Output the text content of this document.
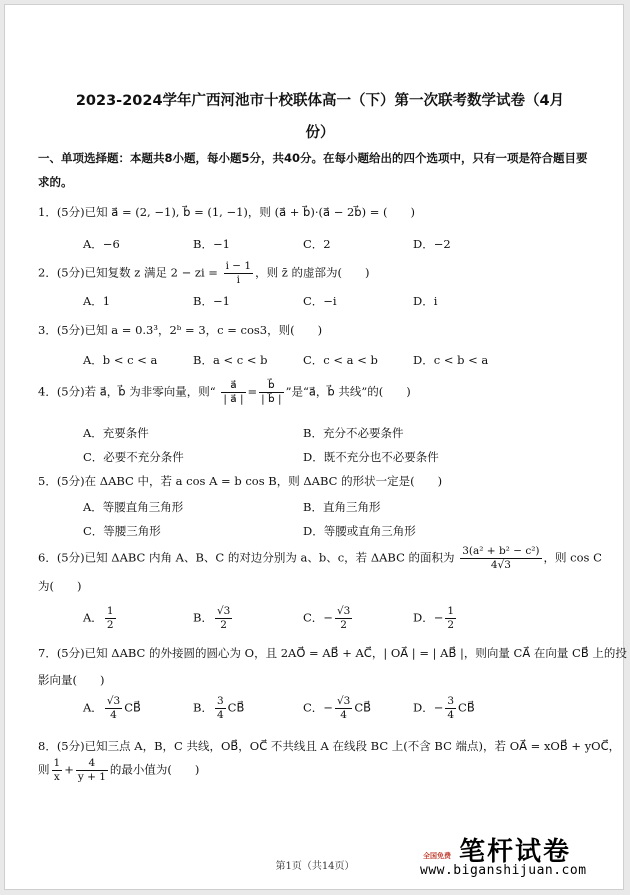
2023-2024学年广西河池市十校联体高一（下）第一次联考数学试卷（4月
份）
一、单项选择题：本题共8小题，每小题5分，共40分。在每小题给出的四个选项中，只有一项是符合题目要求的。
1．(5分)已知 a⃗ = (2, −1), b⃗ = (1, −1)，则 (a⃗ + b⃗)·(a⃗ − 2b⃗) = (　　)
A．−6	B．−1	C．2	D．−2
2．(5分)已知复数 z 满足 2 − zi = $\frac{i - 1}{i}$ ，则 z̄ 的虚部为(　　)
A．1	B．−1	C．−i	D．i
3．(5分)已知 a = 0.3³，2ᵇ = 3，c = cos3，则(　　)
A．b < c < a	B．a < c < b	C．c < a < b	D．c < b < a
4．(5分)若 a⃗，b⃗ 为非零向量，则“ $\frac{a⃗}{| a⃗ |} = \frac{b⃗}{| b⃗ |}$ ”是“a⃗，b⃗ 共线”的(　　)
A．充要条件	B．充分不必要条件
C．必要不充分条件	D．既不充分也不必要条件
5．(5分)在 ΔABC 中，若 a cos A = b cos B，则 ΔABC 的形状一定是(　　)
A．等腰直角三角形	B．直角三角形
C．等腰三角形	D．等腰或直角三角形
6．(5分)已知 ΔABC 内角 A、B、C 的对边分别为 a、b、c，若 ΔABC 的面积为 $\frac{\text{3(a² + b² − c²)}}{4√3}$ ，则 cos C
为(　　)
A． $\frac{1}{2}$	B． $\frac{√3}{2}$	C．− $\frac{√3}{2}$	D．− $\frac{1}{2}$
7．(5分)已知 ΔABC 的外接圆的圆心为 O，且 2AO⃗ = AB⃗ + AC⃗，| OA⃗ | = | AB⃗ |，则向量 CA⃗ 在向量 CB⃗ 上的投
影向量(　　)
A． $\frac{√3}{4}$ CB⃗	B． $\frac{3}{4}$ CB⃗	C．− $\frac{√3}{4}$ CB⃗	D．− $\frac{3}{4}$ CB⃗
8．(5分)已知三点 A，B，C 共线，OB⃗，OC⃗ 不共线且 A 在线段 BC 上(不含 BC 端点)，若 OA⃗ = xOB⃗ + yOC⃗，
则 $\frac{1}{x} + \frac{4}{y + 1}$ 的最小值为(　　)
第1页（共14页）	笔杆试卷
全国免费
www.biganshijuan.com
